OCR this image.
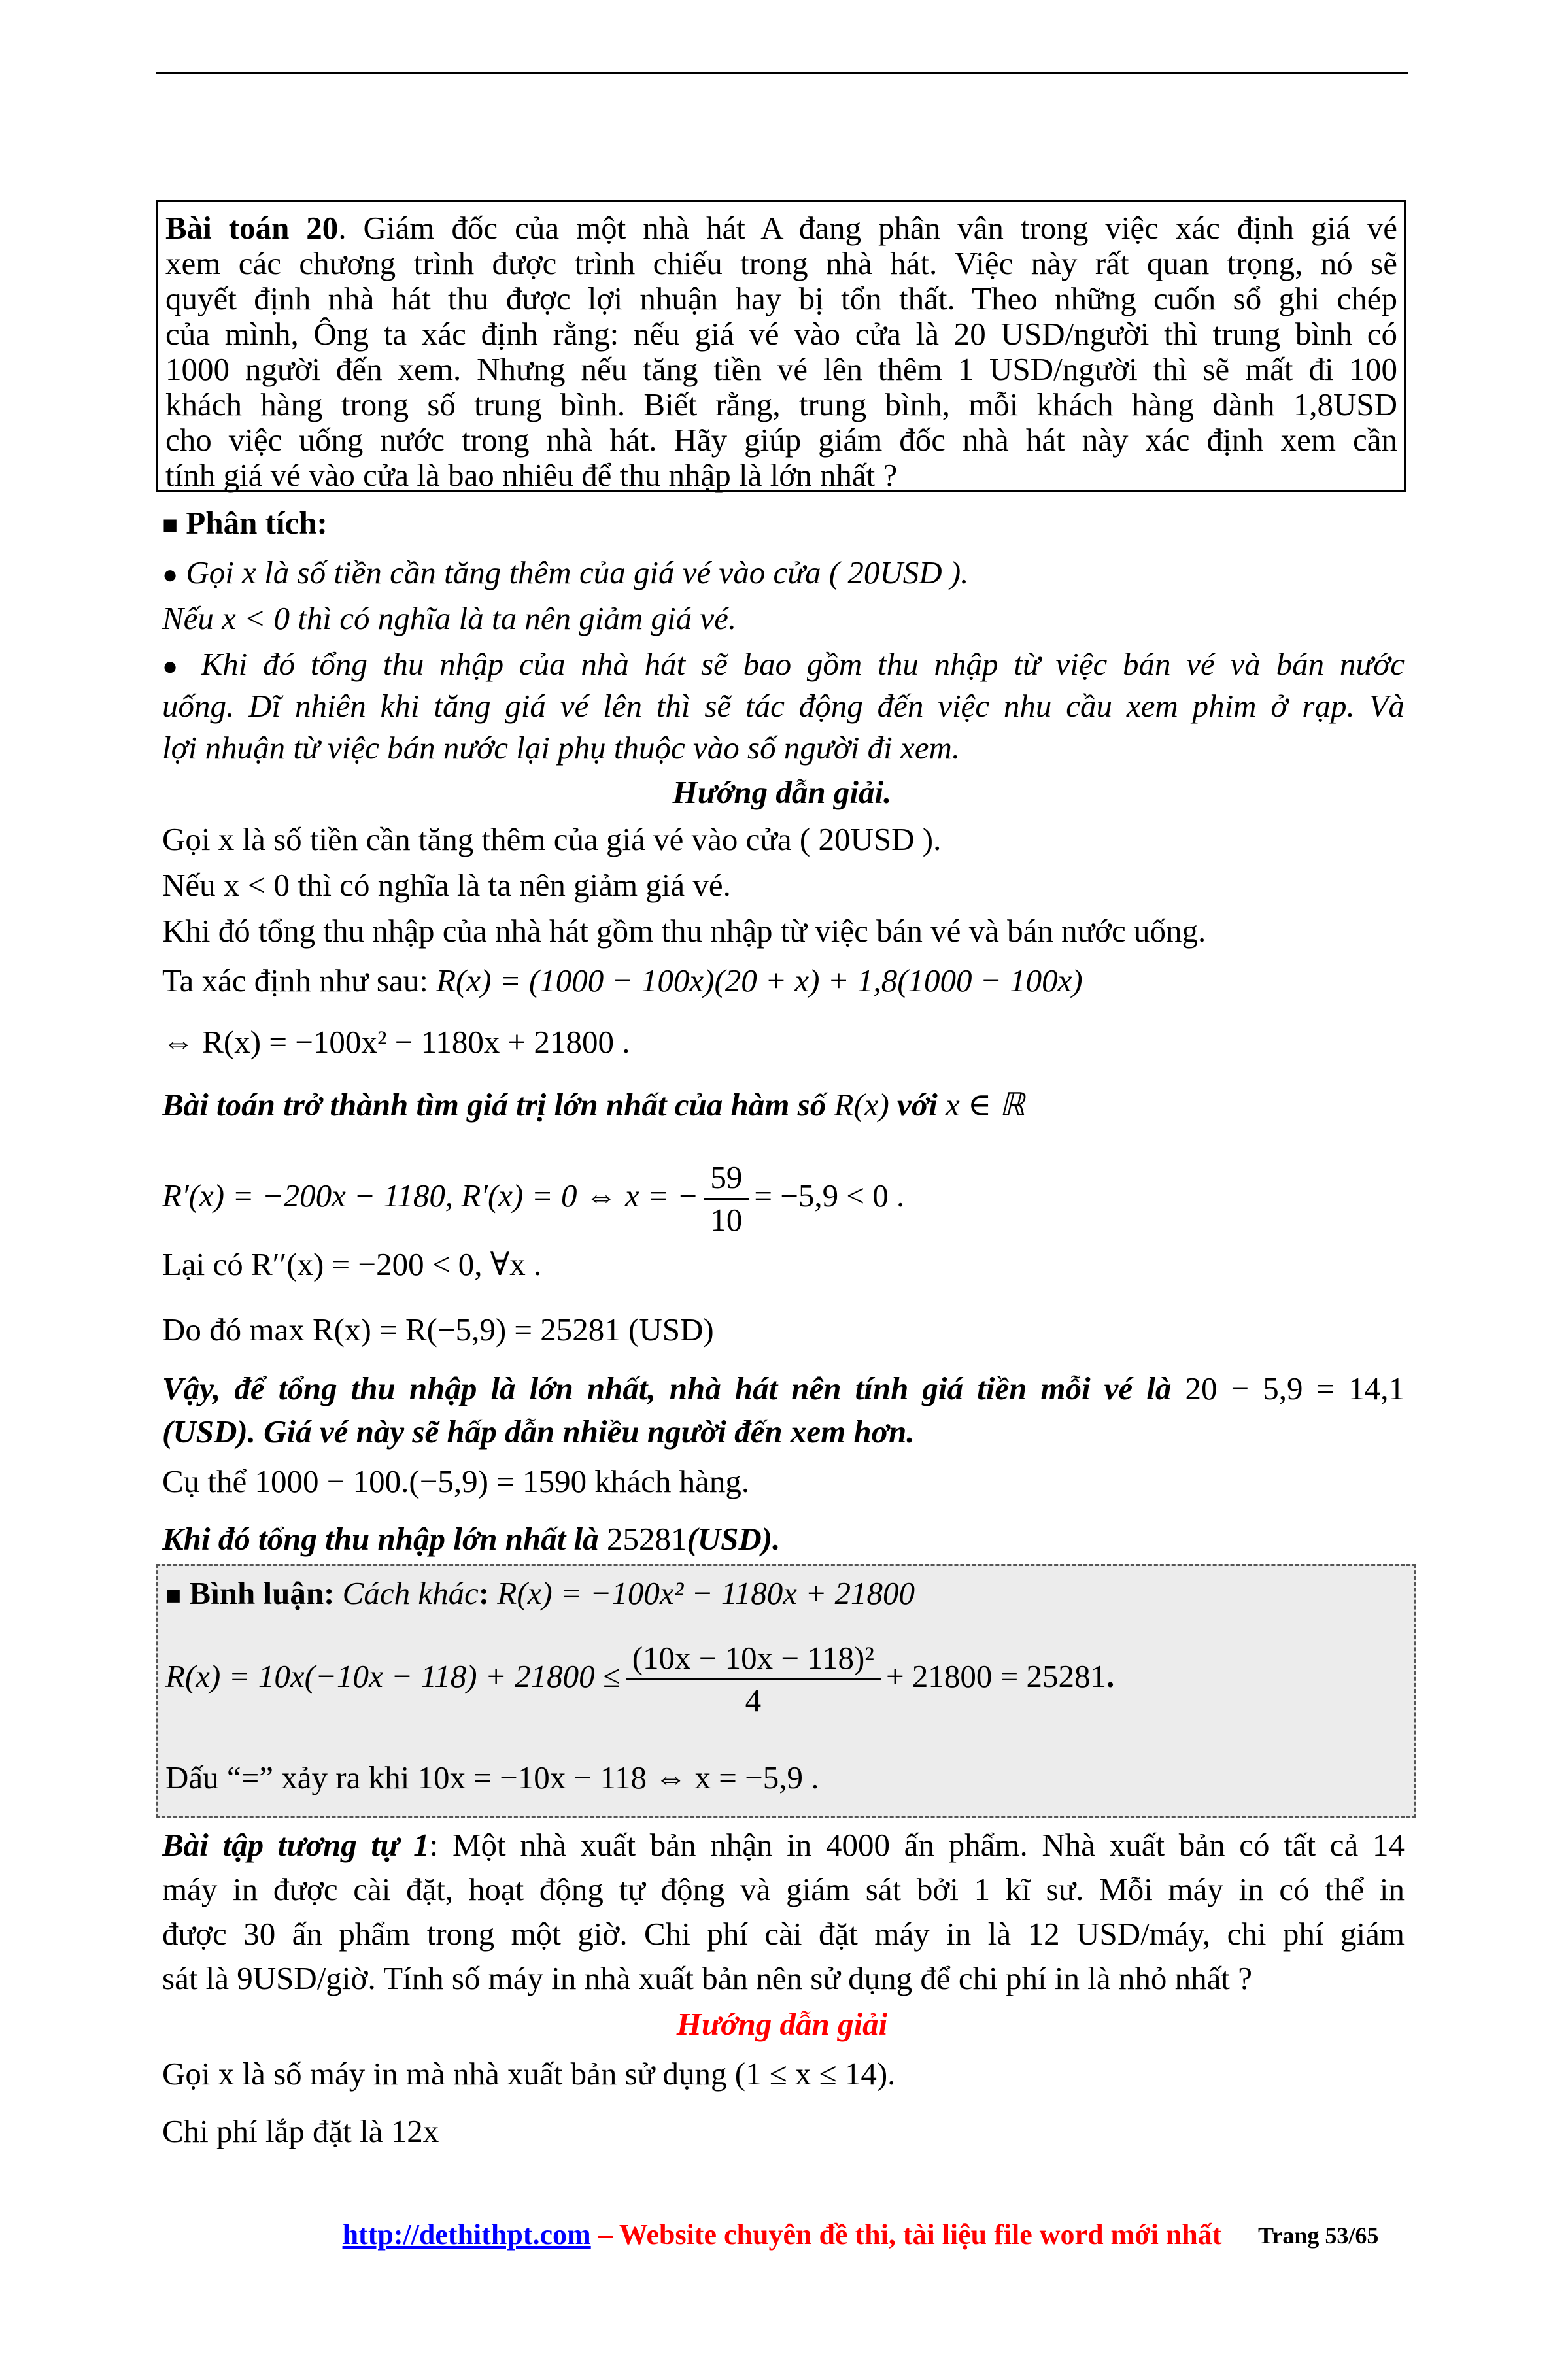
Bài toán 20. Giám đốc của một nhà hát A đang phân vân trong việc xác định giá vé
xem các chương trình được trình chiếu trong nhà hát. Việc này rất quan trọng, nó sẽ
quyết định nhà hát thu được lợi nhuận hay bị tổn thất. Theo những cuốn sổ ghi chép
của mình, Ông ta xác định rằng: nếu giá vé vào cửa là 20 USD/người thì trung bình có
1000 người đến xem. Nhưng nếu tăng tiền vé lên thêm 1 USD/người thì sẽ mất đi 100
khách hàng trong số trung bình. Biết rằng, trung bình, mỗi khách hàng dành 1,8USD
cho việc uống nước trong nhà hát. Hãy giúp giám đốc nhà hát này xác định xem cần
tính giá vé vào cửa là bao nhiêu để thu nhập là lớn nhất ?
■ Phân tích:
● Gọi x là số tiền cần tăng thêm của giá vé vào cửa ( 20USD ).
Nếu x < 0 thì có nghĩa là ta nên giảm giá vé.
● Khi đó tổng thu nhập của nhà hát sẽ bao gồm thu nhập từ việc bán vé và bán nước
uống. Dĩ nhiên khi tăng giá vé lên thì sẽ tác động đến việc nhu cầu xem phim ở rạp. Và
lợi nhuận từ việc bán nước lại phụ thuộc vào số người đi xem.
Hướng dẫn giải.
Gọi x là số tiền cần tăng thêm của giá vé vào cửa ( 20USD ).
Nếu x < 0 thì có nghĩa là ta nên giảm giá vé.
Khi đó tổng thu nhập của nhà hát gồm thu nhập từ việc bán vé và bán nước uống.
Ta xác định như sau: R(x) = (1000 − 100x)(20 + x) + 1,8(1000 − 100x)
⇔ R(x) = −100x² − 1180x + 21800 .
Bài toán trở thành tìm giá trị lớn nhất của hàm số R(x) với x ∈ ℝ
R′(x) = −200x − 1180, R′(x) = 0 ⇔ x = − $\frac{59}{10} = -5,9 < 0$ .
Lại có R′′(x) = −200 < 0, ∀x .
Do đó max R(x) = R(−5,9) = 25281 (USD)
Vậy, để tổng thu nhập là lớn nhất, nhà hát nên tính giá tiền mỗi vé là 20 − 5,9 = 14,1
(USD). Giá vé này sẽ hấp dẫn nhiều người đến xem hơn.
Cụ thể 1000 − 100.(−5,9) = 1590 khách hàng.
Khi đó tổng thu nhập lớn nhất là 25281(USD).
■ Bình luận: Cách khác: R(x) = −100x² − 1180x + 21800
$R(x) = 10x(-10x - 118) + 21800 \le \frac{\text{(10x − 10x − 118)²}}{4} + 21800 = 25281$.
Dấu “=” xảy ra khi 10x = −10x − 118 ⇔ x = −5,9 .
Bài tập tương tự 1: Một nhà xuất bản nhận in 4000 ấn phẩm. Nhà xuất bản có tất cả 14
máy in được cài đặt, hoạt động tự động và giám sát bởi 1 kĩ sư. Mỗi máy in có thể in
được 30 ấn phẩm trong một giờ. Chi phí cài đặt máy in là 12 USD/máy, chi phí giám
sát là 9USD/giờ. Tính số máy in nhà xuất bản nên sử dụng để chi phí in là nhỏ nhất ?
Hướng dẫn giải
Gọi x là số máy in mà nhà xuất bản sử dụng (1 ≤ x ≤ 14).
Chi phí lắp đặt là 12x
http://dethithpt.com – Website chuyên đề thi, tài liệu file word mới nhất	Trang 53/65
